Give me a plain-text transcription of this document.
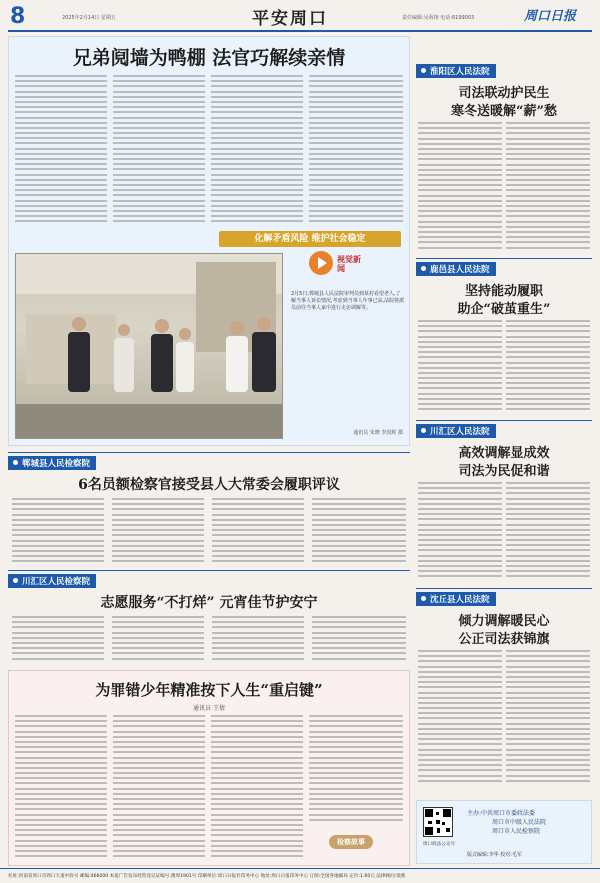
8	2025年2月14日 星期五	平安周口	责任编辑:吴海翔 电话:6199003	周口日报
兄弟阋墙为鸭棚 法官巧解续亲情
化解矛盾风险 维护社会稳定
视觉新闻
2月5日,郸城县人民法院审判员到某村看望老人,了解当事人诉讼情况,考虑到当事人年事已高,法院将派员前往当事人家中进行走访调解等。
通讯员 朱晓 李国辉 摄
郸城县人民检察院
6名员额检察官接受县人大常委会履职评议
川汇区人民检察院
志愿服务“不打烊” 元宵佳节护安宁
为罪错少年精准按下人生“重启键”
通讯员 王倩
检察故事
淮阳区人民法院
司法联动护民生
寒冬送暖解“薪”愁
鹿邑县人民法院
坚持能动履职
助企“破茧重生”
川汇区人民法院
高效调解显成效
司法为民促和谐
沈丘县人民法院
倾力调解暖民心
公正司法获锦旗
周口政法公众号
主办:中共周口市委政法委
周口市中级人民法院
周口市人民检察院
版式编辑:李华 校对:毛军
社址:河南省周口市周口大道中段号 邮编:466000 本报广告发布经营登记证编号:豫周1901号 印刷单位:周口日报社印务中心 地址:周口日报印务中心 订阅:全国各地邮局 定价:1.60元 法律顾问:梁新
